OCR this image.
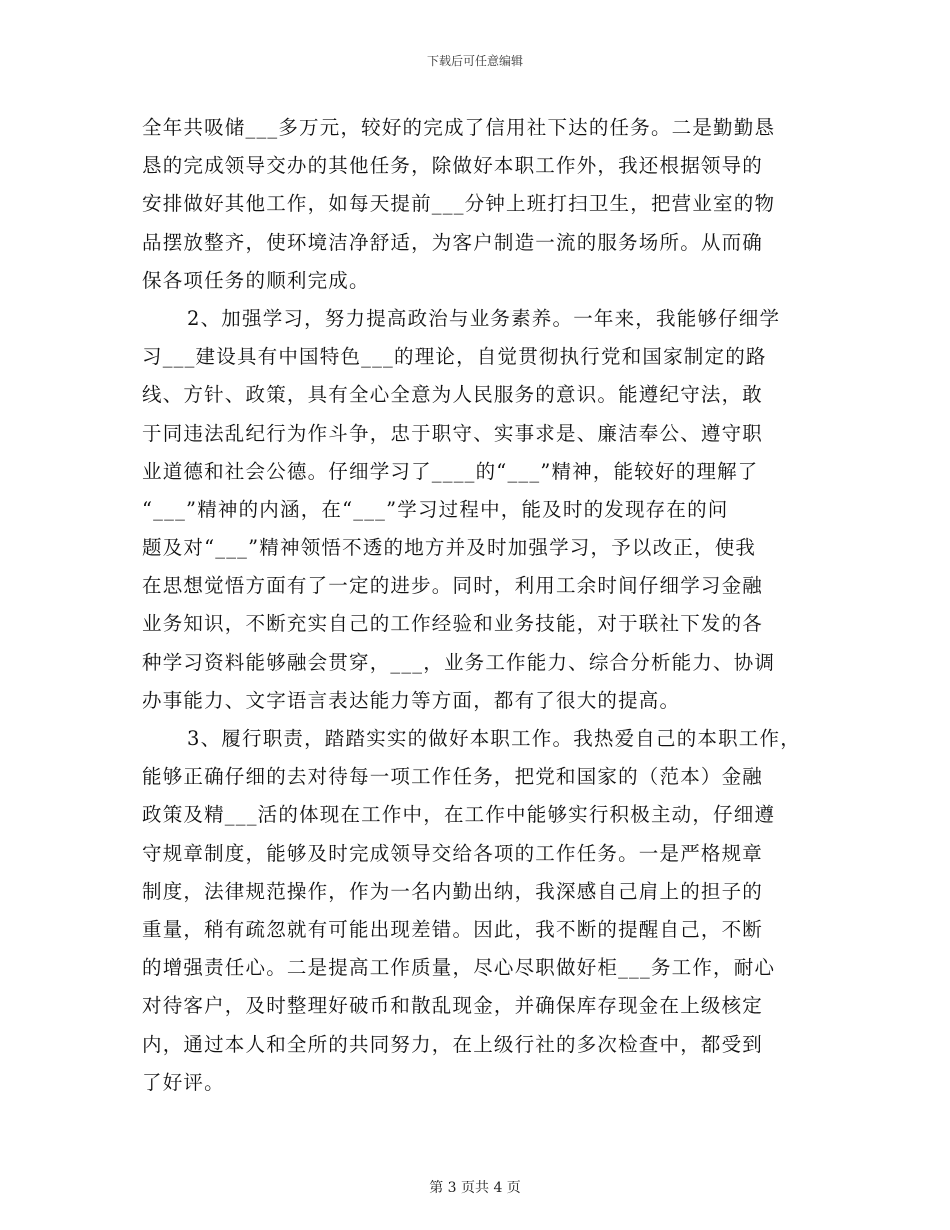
下载后可任意编辑
全年共吸储___多万元，较好的完成了信用社下达的任务。二是勤勤恳
恳的完成领导交办的其他任务，除做好本职工作外，我还根据领导的
安排做好其他工作，如每天提前___分钟上班打扫卫生，把营业室的物
品摆放整齐，使环境洁净舒适，为客户制造一流的服务场所。从而确
保各项任务的顺利完成。
2、加强学习，努力提高政治与业务素养。一年来，我能够仔细学
习___建设具有中国特色___的理论，自觉贯彻执行党和国家制定的路
线、方针、政策，具有全心全意为人民服务的意识。能遵纪守法，敢
于同违法乱纪行为作斗争，忠于职守、实事求是、廉洁奉公、遵守职
业道德和社会公德。仔细学习了____的“___”精神，能较好的理解了
“___”精神的内涵，在“___”学习过程中，能及时的发现存在的问
题及对“___”精神领悟不透的地方并及时加强学习，予以改正，使我
在思想觉悟方面有了一定的进步。同时，利用工余时间仔细学习金融
业务知识，不断充实自己的工作经验和业务技能，对于联社下发的各
种学习资料能够融会贯穿，___，业务工作能力、综合分析能力、协调
办事能力、文字语言表达能力等方面，都有了很大的提高。
3、履行职责，踏踏实实的做好本职工作。我热爱自己的本职工作，
能够正确仔细的去对待每一项工作任务，把党和国家的（范本）金融
政策及精___活的体现在工作中，在工作中能够实行积极主动，仔细遵
守规章制度，能够及时完成领导交给各项的工作任务。一是严格规章
制度，法律规范操作，作为一名内勤出纳，我深感自己肩上的担子的
重量，稍有疏忽就有可能出现差错。因此，我不断的提醒自己，不断
的增强责任心。二是提高工作质量，尽心尽职做好柜___务工作，耐心
对待客户，及时整理好破币和散乱现金，并确保库存现金在上级核定
内，通过本人和全所的共同努力，在上级行社的多次检查中，都受到
了好评。
第 3 页共 4 页
